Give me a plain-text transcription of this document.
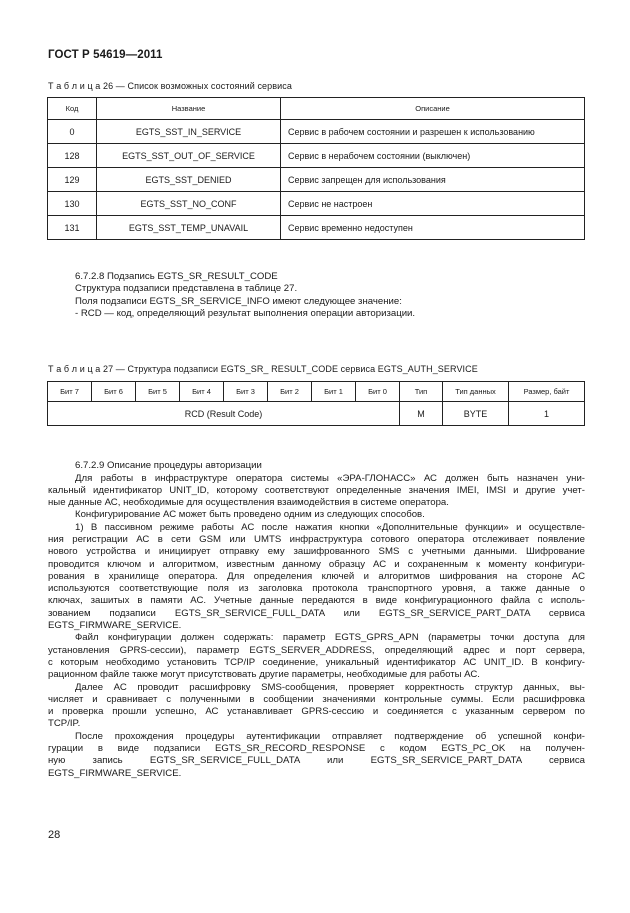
ГОСТ Р 54619—2011
Т а б л и ц а 26 — Список возможных состояний сервиса
Код	Название	Описание
0	EGTS_SST_IN_SERVICE	Сервис в рабочем состоянии и разрешен к использованию
128	EGTS_SST_OUT_OF_SERVICE	Сервис в нерабочем состоянии (выключен)
129	EGTS_SST_DENIED	Сервис запрещен для использования
130	EGTS_SST_NO_CONF	Сервис не настроен
131	EGTS_SST_TEMP_UNAVAIL	Сервис временно недоступен
6.7.2.8 Подзапись EGTS_SR_RESULT_CODE
Структура подзаписи представлена в таблице 27.
Поля подзаписи EGTS_SR_SERVICE_INFO имеют следующее значение:
- RCD — код, определяющий результат выполнения операции авторизации.
Т а б л и ц а 27 — Структура подзаписи EGTS_SR_ RESULT_CODE сервиса EGTS_AUTH_SERVICE
Бит 7	Бит 6	Бит 5	Бит 4	Бит 3	Бит 2	Бит 1	Бит 0	Тип	Тип данных	Размер, байт
RCD (Result Code)								M	BYTE	1
6.7.2.9 Описание процедуры авторизации
Для работы в инфраструктуре оператора системы «ЭРА-ГЛОНАСС» АС должен быть назначен уни-
кальный идентификатор UNIT_ID, которому соответствуют определенные значения IMEI, IMSI и другие учет-
ные данные АС, необходимые для осуществления взаимодействия в системе оператора.
Конфигурирование АС может быть проведено одним из следующих способов.
1) В пассивном режиме работы АС после нажатия кнопки «Дополнительные функции» и осуществле-
ния регистрации АС в сети GSM или UMTS инфраструктура сотового оператора отслеживает появление
нового устройства и инициирует отправку ему зашифрованного SMS с учетными данными. Шифрование
проводится ключом и алгоритмом, известным данному образцу АС и сохраненным к моменту конфигури-
рования в хранилище оператора. Для определения ключей и алгоритмов шифрования на стороне АС
используются соответствующие поля из заголовка протокола транспортного уровня, а также данные о
ключах, зашитых в памяти АС. Учетные данные передаются в виде конфигурационного файла с исполь-
зованием подзаписи EGTS_SR_SERVICE_FULL_DATA или EGTS_SR_SERVICE_PART_DATA сервиса
EGTS_FIRMWARE_SERVICE.
Файл конфигурации должен содержать: параметр EGTS_GPRS_APN (параметры точки доступа для
установления GPRS-сессии), параметр EGTS_SERVER_ADDRESS, определяющий адрес и порт сервера,
с которым необходимо установить TCP/IP соединение, уникальный идентификатор АС UNIT_ID. В конфигу-
рационном файле также могут присутствовать другие параметры, необходимые для работы АС.
Далее АС проводит расшифровку SMS-сообщения, проверяет корректность структур данных, вы-
числяет и сравнивает с полученными в сообщении значениями контрольные суммы. Если расшифровка
и проверка прошли успешно, АС устанавливает GPRS-сессию и соединяется с указанным сервером по
TCP/IP.
После прохождения процедуры аутентификации отправляет подтверждение об успешной конфи-
гурации в виде подзаписи EGTS_SR_RECORD_RESPONSE с кодом EGTS_PC_OK на получен-
ную запись EGTS_SR_SERVICE_FULL_DATA или EGTS_SR_SERVICE_PART_DATA сервиса
EGTS_FIRMWARE_SERVICE.
28
